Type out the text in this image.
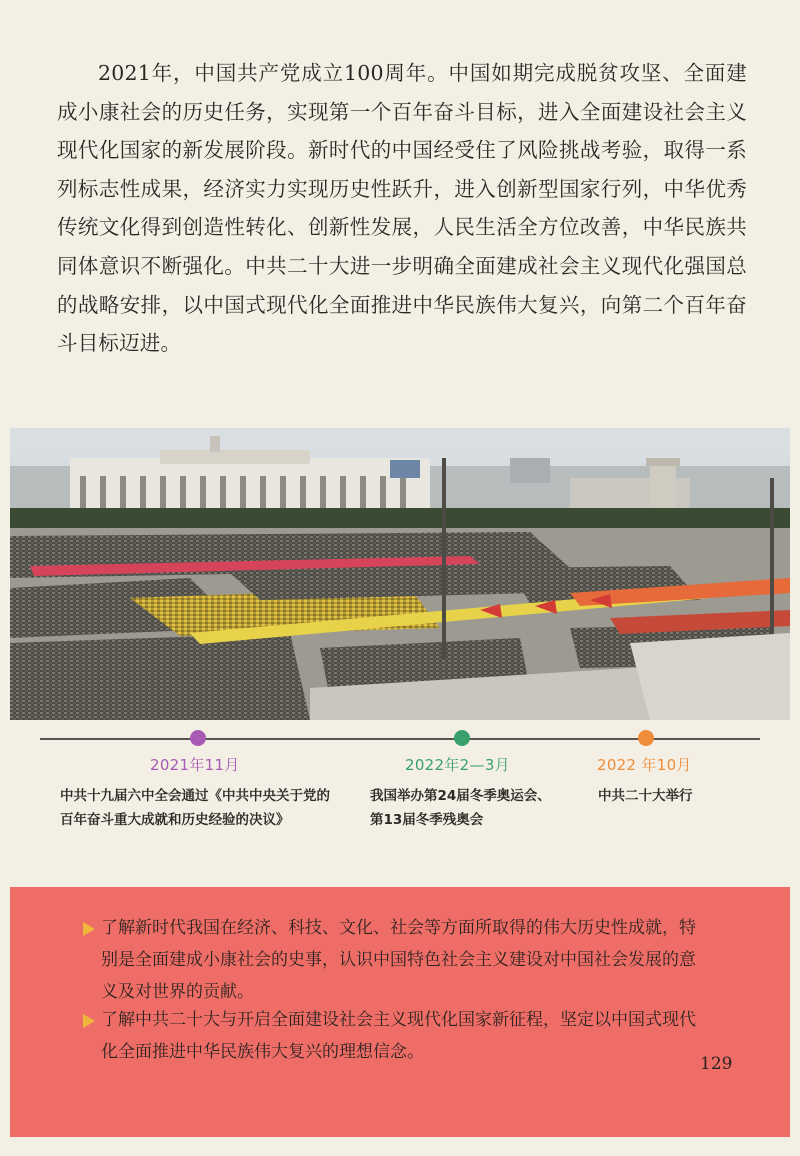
2021年，中国共产党成立100周年。中国如期完成脱贫攻坚、全面建成小康社会的历史任务，实现第一个百年奋斗目标，进入全面建设社会主义现代化国家的新发展阶段。新时代的中国经受住了风险挑战考验，取得一系列标志性成果，经济实力实现历史性跃升，进入创新型国家行列，中华优秀传统文化得到创造性转化、创新性发展，人民生活全方位改善，中华民族共同体意识不断强化。中共二十大进一步明确全面建成社会主义现代化强国总的战略安排，以中国式现代化全面推进中华民族伟大复兴，向第二个百年奋斗目标迈进。
2021年11月	2022年2—3月	2022 年10月
中共十九届六中全会通过《中共中央关于党的
百年奋斗重大成就和历史经验的决议》
我国举办第24届冬季奥运会、
第13届冬季残奥会
中共二十大举行
了解新时代我国在经济、科技、文化、社会等方面所取得的伟大历史性成就，特
别是全面建成小康社会的史事，认识中国特色社会主义建设对中国社会发展的意
义及对世界的贡献。
了解中共二十大与开启全面建设社会主义现代化国家新征程，坚定以中国式现代
化全面推进中华民族伟大复兴的理想信念。
129
